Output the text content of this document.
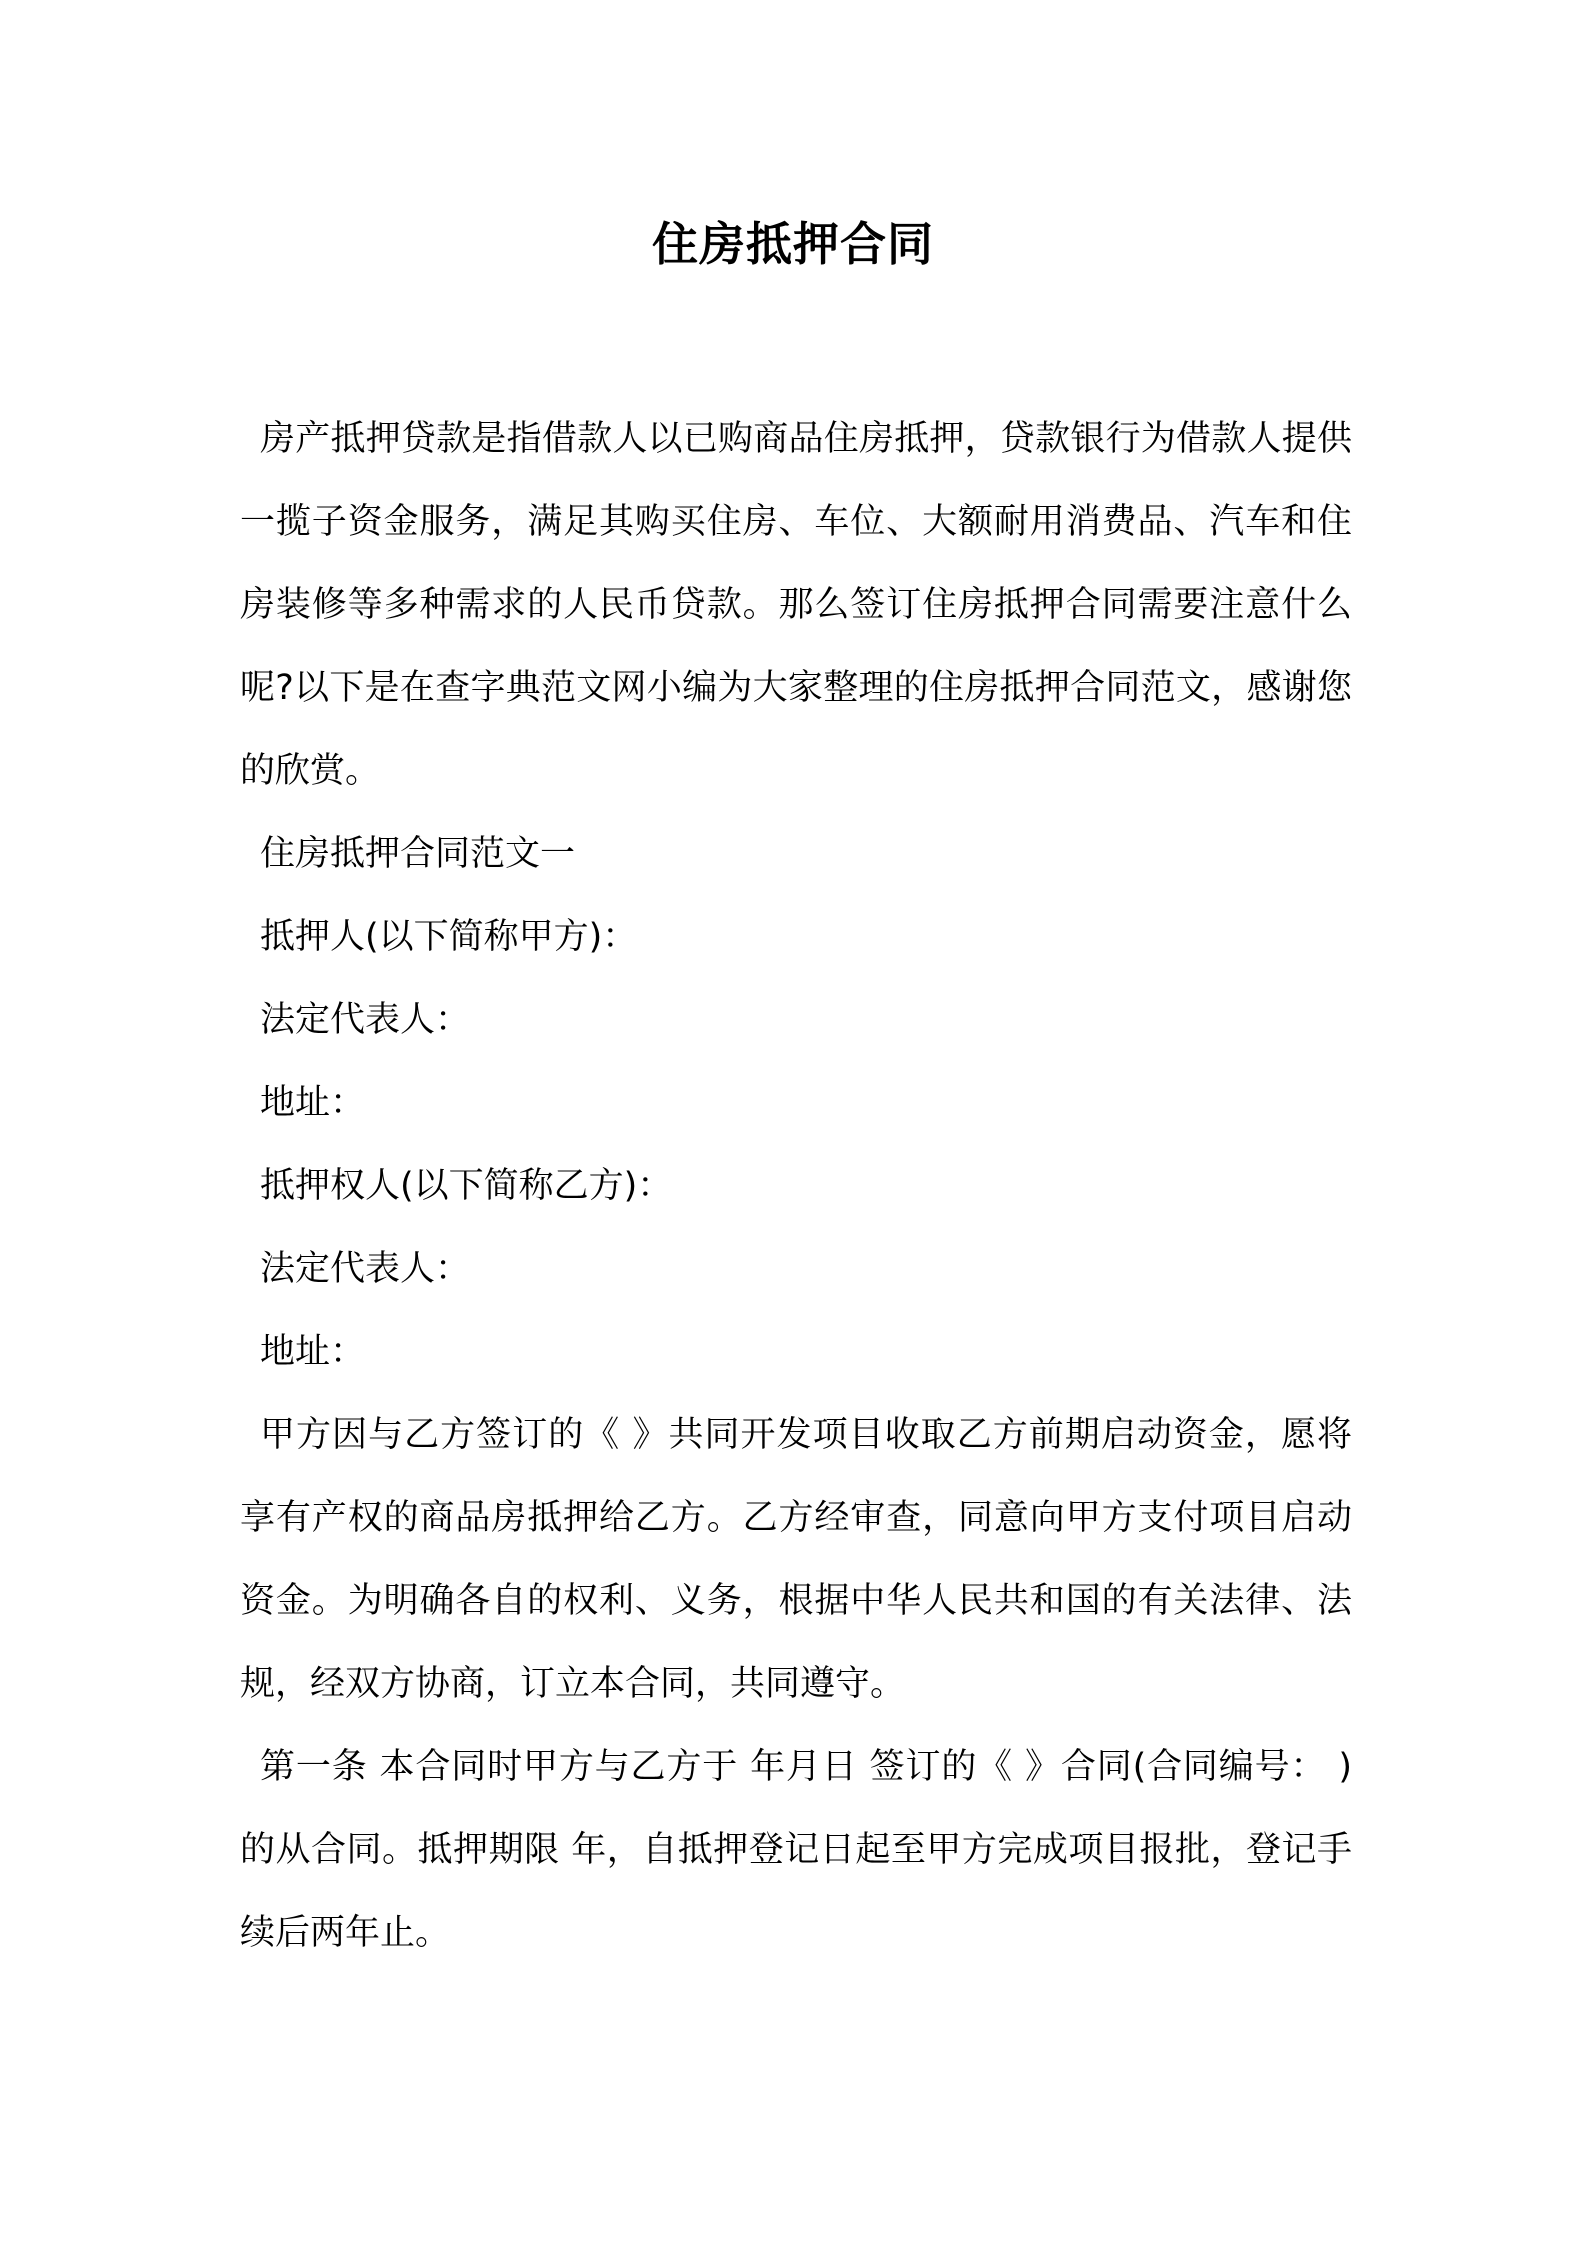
住房抵押合同

房产抵押贷款是指借款人以已购商品住房抵押，贷款银行为借款人提供一揽子资金服务，满足其购买住房、车位、大额耐用消费品、汽车和住房装修等多种需求的人民币贷款。那么签订住房抵押合同需要注意什么呢?以下是在查字典范文网小编为大家整理的住房抵押合同范文，感谢您的欣赏。

住房抵押合同范文一

抵押人(以下简称甲方)：

法定代表人：

地址：

抵押权人(以下简称乙方)：

法定代表人：

地址：

甲方因与乙方签订的《 》共同开发项目收取乙方前期启动资金，愿将享有产权的商品房抵押给乙方。乙方经审查，同意向甲方支付项目启动资金。为明确各自的权利、义务，根据中华人民共和国的有关法律、法规，经双方协商，订立本合同，共同遵守。

第一条 本合同时甲方与乙方于 年月日 签订的《 》合同(合同编号： )的从合同。抵押期限 年，自抵押登记日起至甲方完成项目报批，登记手续后两年止。
